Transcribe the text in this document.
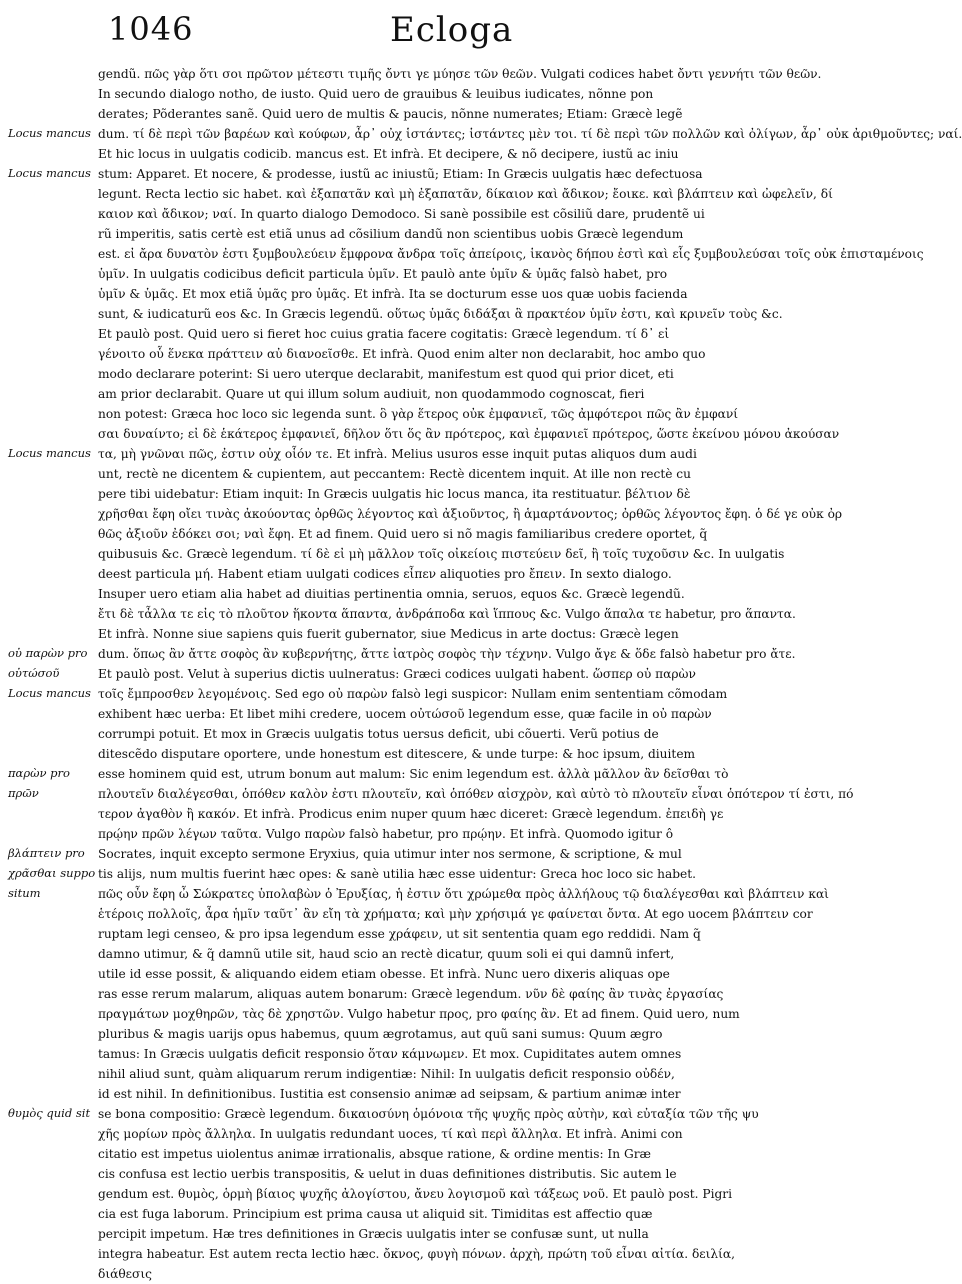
1046	Ecloga
Locus mancus
Locus mancus
Locus mancus
οὐ παρὼν pro
οὐτώσοῦ
Locus mancus
παρὼν pro
πρῶν
βλάπτειν pro
χρᾶσθαι suppo
situm
θυμὸς quid sit
gendũ. πῶς γὰρ ὅτι σοι πρῶτον μέτεστι τιμῆς ὄντι γε μύησε τῶν θεῶν. Vulgati codices habet ὄντι γεννήτι τῶν θεῶν.
In secundo dialogo notho, de iusto. Quid uero de grauibus & leuibus iudicates, nõnne pon
derates; Põderantes sanẽ. Quid uero de multis & paucis, nõnne numerates; Etiam: Græcè legẽ
dum. τί δὲ περὶ τῶν βαρέων καὶ κούφων, ἆρ᾽ οὐχ ἱστάντες; ἱστάντες μὲν τοι. τί δὲ περὶ τῶν πολλῶν καὶ ὀλίγων, ἆρ᾽ οὐκ ἀριθμοῦντες; ναί.
Et hic locus in uulgatis codicib. mancus est. Et infrà. Et decipere, & nõ decipere, iustũ ac iniu
stum: Apparet. Et nocere, & prodesse, iustũ ac iniustũ; Etiam: In Græcis uulgatis hæc defectuosa
legunt. Recta lectio sic habet. καὶ ἐξαπατᾶν καὶ μὴ ἐξαπατᾶν, δίκαιον καὶ ἄδικον; ἔοικε. καὶ βλάπτειν καὶ ὠφελεῖν, δί
καιον καὶ ἄδικον; ναί. In quarto dialogo Demodoco. Si sanè possibile est cõsiliũ dare, prudentẽ ui
rũ imperitis, satis certè est etiã unus ad cõsilium dandũ non scientibus uobis Græcè legendum
est. εἰ ἄρα δυνατὸν ἐστι ξυμβουλεύειν ἔμφρονα ἄνδρα τοῖς ἀπείροις, ἱκανὸς δήπου ἐστὶ καὶ εἷς ξυμβουλεύσαι τοῖς οὐκ ἐπισταμένοις
ὑμῖν. In uulgatis codicibus deficit particula ὑμῖν. Et paulò ante ὑμῖν & ὑμᾶς falsò habet, pro
ὑμῖν & ὑμᾶς. Et mox etiã ὑμᾶς pro ὑμᾶς. Et infrà. Ita se docturum esse uos quæ uobis facienda
sunt, & iudicaturũ eos &c. In Græcis legendũ. οὕτως ὑμᾶς διδάξαι ἃ πρακτέον ὑμῖν ἐστι, καὶ κρινεῖν τοὺς &c.
Et paulò post. Quid uero si fieret hoc cuius gratia facere cogitatis: Græcè legendum. τί δ᾽ εἰ
γένοιτο οὗ ἕνεκα πράττειν αὐ διανοεῖσθε. Et infrà. Quod enim alter non declarabit, hoc ambo quo
modo declarare poterint: Si uero uterque declarabit, manifestum est quod qui prior dicet, eti
am prior declarabit. Quare ut qui illum solum audiuit, non quodammodo cognoscat, fieri
non potest: Græca hoc loco sic legenda sunt. ὃ γὰρ ἕτερος οὐκ ἐμφανιεῖ, τῶς ἀμφότεροι πῶς ἂν ἐμφανί
σαι δυναίντο; εἰ δὲ ἑκάτερος ἐμφανιεῖ, δῆλον ὅτι ὅς ἂν πρότερος, καὶ ἐμφανιεῖ πρότερος, ὥστε ἐκείνου μόνου ἀκούσαν
τα, μὴ γνῶναι πῶς, ἐστιν οὐχ οἷόν τε. Et infrà. Melius usuros esse inquit putas aliquos dum audi
unt, rectè ne dicentem & cupientem, aut peccantem: Rectè dicentem inquit. At ille non rectè cu
pere tibi uidebatur: Etiam inquit: In Græcis uulgatis hic locus manca, ita restituatur. βέλτιον δὲ
χρῆσθαι ἔφη οἴει τινὰς ἀκούοντας ὀρθῶς λέγοντος καὶ ἀξιοῦντος, ἢ ἁμαρτάνοντος; ὀρθῶς λέγοντος ἔφη. ὁ δέ γε οὐκ ὀρ
θῶς ἀξιοῦν ἐδόκει σοι; ναὶ ἔφη. Et ad finem. Quid uero si nõ magis familiaribus credere oportet, q̃
quibusuis &c. Græcè legendum. τί δὲ εἰ μὴ μᾶλλον τοῖς οἰκείοις πιστεύειν δεῖ, ἢ τοῖς τυχοῦσιν &c. In uulgatis
deest particula μή. Habent etiam uulgati codices εἶπεν aliquoties pro ἔπειν. In sexto dialogo.
Insuper uero etiam alia habet ad diuitias pertinentia omnia, seruos, equos &c. Græcè legendũ.
ἔτι δὲ τἆλλα τε εἰς τὸ πλοῦτον ἥκοντα ἅπαντα, ἀνδράποδα καὶ ἵππους &c. Vulgo ἅπαλα τε habetur, pro ἅπαντα.
Et infrà. Nonne siue sapiens quis fuerit gubernator, siue Medicus in arte doctus: Græcè legen
dum. ὅπως ἂν ἄττε σοφὸς ἂν κυβερνήτης, ἄττε ἰατρὸς σοφὸς τὴν τέχνην. Vulgo ἄγε & ὅδε falsò habetur pro ἄτε.
Et paulò post. Velut à superius dictis uulneratus: Græci codices uulgati habent. ὥσπερ οὐ παρὼν
τοῖς ἔμπροσθεν λεγομένοις. Sed ego οὐ παρὼν falsò legi suspicor: Nullam enim sententiam cõmodam
exhibent hæc uerba: Et libet mihi credere, uocem οὐτώσοῦ legendum esse, quæ facile in οὐ παρὼν
corrumpi potuit. Et mox in Græcis uulgatis totus uersus deficit, ubi cõuerti. Verũ potius de
ditescẽdo disputare oportere, unde honestum est ditescere, & unde turpe: & hoc ipsum, diuitem
esse hominem quid est, utrum bonum aut malum: Sic enim legendum est. ἀλλὰ μᾶλλον ἂν δεῖσθαι τὸ
πλουτεῖν διαλέγεσθαι, ὁπόθεν καλὸν ἐστι πλουτεῖν, καὶ ὁπόθεν αἰσχρὸν, καὶ αὐτὸ τὸ πλουτεῖν εἶναι ὁπότερον τί ἐστι, πό
τερον ἀγαθὸν ἢ κακόν. Et infrà. Prodicus enim nuper quum hæc diceret: Græcè legendum. ἐπειδὴ γε
πρῴην πρῶν λέγων ταῦτα. Vulgo παρὼν falsò habetur, pro πρῴην. Et infrà. Quomodo igitur ô
Socrates, inquit excepto sermone Eryxius, quia utimur inter nos sermone, & scriptione, & mul
tis alijs, num multis fuerint hæc opes: & sanè utilia hæc esse uidentur: Greca hoc loco sic habet.
πῶς οὖν ἔφη ὦ Σώκρατες ὑπολαβὼν ὁ Ἐρυξίας, ἡ ἐστιν ὅτι χρώμεθα πρὸς ἀλλήλους τῷ διαλέγεσθαι καὶ βλάπτειν καὶ
ἑτέροις πολλοῖς, ἆρα ἡμῖν ταῦτ᾽ ἂν εἴη τὰ χρήματα; καὶ μὴν χρήσιμά γε φαίνεται ὄντα. At ego uocem βλάπτειν cor
ruptam legi censeo, & pro ipsa legendum esse χράφειν, ut sit sententia quam ego reddidi. Nam q̃
damno utimur, & q̃ damnũ utile sit, haud scio an rectè dicatur, quum soli ei qui damnũ infert,
utile id esse possit, & aliquando eidem etiam obesse. Et infrà. Nunc uero dixeris aliquas ope
ras esse rerum malarum, aliquas autem bonarum: Græcè legendum. νῦν δὲ φαίης ἂν τινὰς ἐργασίας
πραγμάτων μοχθηρῶν, τὰς δὲ χρηστῶν. Vulgo habetur προς, pro φαίης ἂν. Et ad finem. Quid uero, num
pluribus & magis uarijs opus habemus, quum ægrotamus, aut quũ sani sumus: Quum ægro
tamus: In Græcis uulgatis deficit responsio ὅταν κάμνωμεν. Et mox. Cupiditates autem omnes
nihil aliud sunt, quàm aliquarum rerum indigentiæ: Nihil: In uulgatis deficit responsio οὐδέν,
id est nihil. In definitionibus. Iustitia est consensio animæ ad seipsam, & partium animæ inter
se bona compositio: Græcè legendum. δικαιοσύνη ὁμόνοια τῆς ψυχῆς πρὸς αὐτὴν, καὶ εὐταξία τῶν τῆς ψυ
χῆς μορίων πρὸς ἄλληλα. In uulgatis redundant uoces, τί καὶ περὶ ἄλληλα. Et infrà. Animi con
citatio est impetus uiolentus animæ irrationalis, absque ratione, & ordine mentis: In Græ
cis confusa est lectio uerbis transpositis, & uelut in duas definitiones distributis. Sic autem le
gendum est. θυμὸς, ὁρμὴ βίαιος ψυχῆς ἀλογίστου, ἄνευ λογισμοῦ καὶ τάξεως νοῦ. Et paulò post. Pigri
cia est fuga laborum. Principium est prima causa ut aliquid sit. Timiditas est affectio quæ
percipit impetum. Hæ tres definitiones in Græcis uulgatis inter se confusæ sunt, ut nulla
integra habeatur. Est autem recta lectio hæc. ὄκνος, φυγὴ πόνων. ἀρχὴ, πρώτη τοῦ εἶναι αἰτία. δειλία,
διάθεσις
